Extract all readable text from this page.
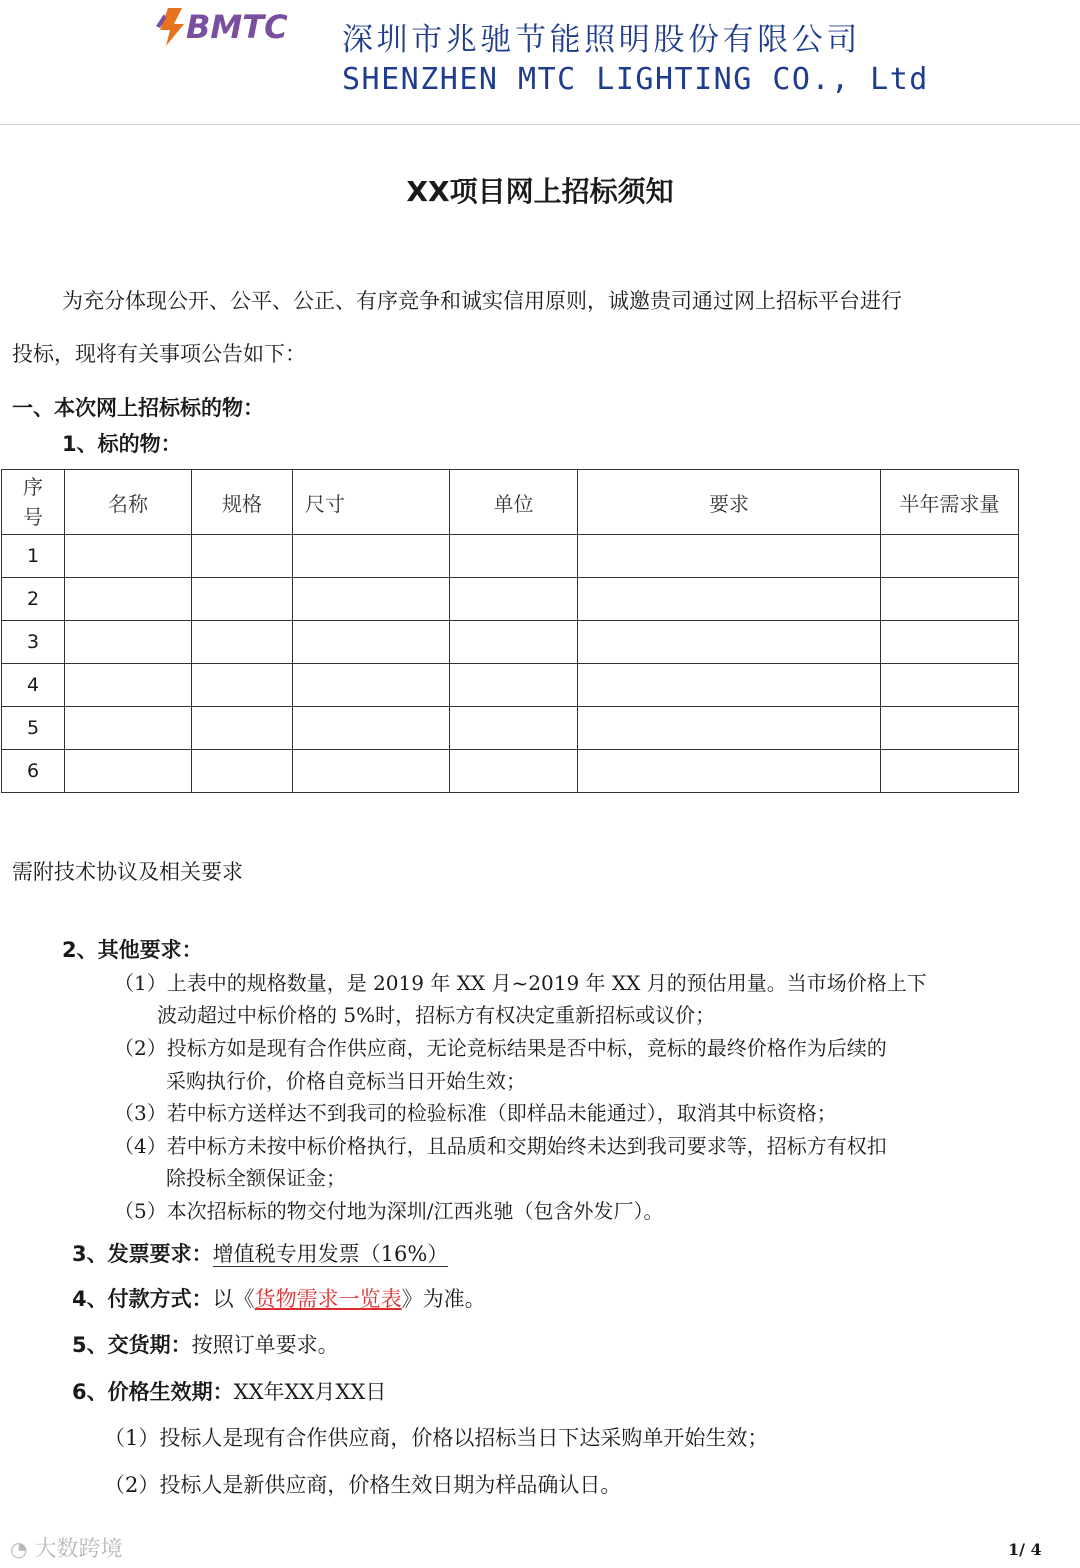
BMTC 深圳市兆驰节能照明股份有限公司
SHENZHEN MTC LIGHTING CO., Ltd
XX项目网上招标须知
为充分体现公开、公平、公正、有序竞争和诚实信用原则，诚邀贵司通过网上招标平台进行
投标，现将有关事项公告如下：
一、本次网上招标标的物：
1、标的物：
序号	名称	规格	尺寸	单位	要求	半年需求量
1						
2						
3						
4						
5						
6						
需附技术协议及相关要求
2、其他要求：
（1）上表中的规格数量，是 2019 年 XX 月~2019 年 XX 月的预估用量。当市场价格上下
波动超过中标价格的 5%时，招标方有权决定重新招标或议价；
（2）投标方如是现有合作供应商，无论竞标结果是否中标，竞标的最终价格作为后续的
采购执行价，价格自竞标当日开始生效；
（3）若中标方送样达不到我司的检验标准（即样品未能通过），取消其中标资格；
（4）若中标方未按中标价格执行，且品质和交期始终未达到我司要求等，招标方有权扣
除投标全额保证金；
（5）本次招标标的物交付地为深圳/江西兆驰（包含外发厂）。
3、发票要求：增值税专用发票（16%）
4、付款方式：以《货物需求一览表》为准。
5、交货期：按照订单要求。
6、价格生效期：XX年XX月XX日
（1）投标人是现有合作供应商，价格以招标当日下达采购单开始生效；
（2）投标人是新供应商，价格生效日期为样品确认日。
◔ 大数跨境	1/ 4
